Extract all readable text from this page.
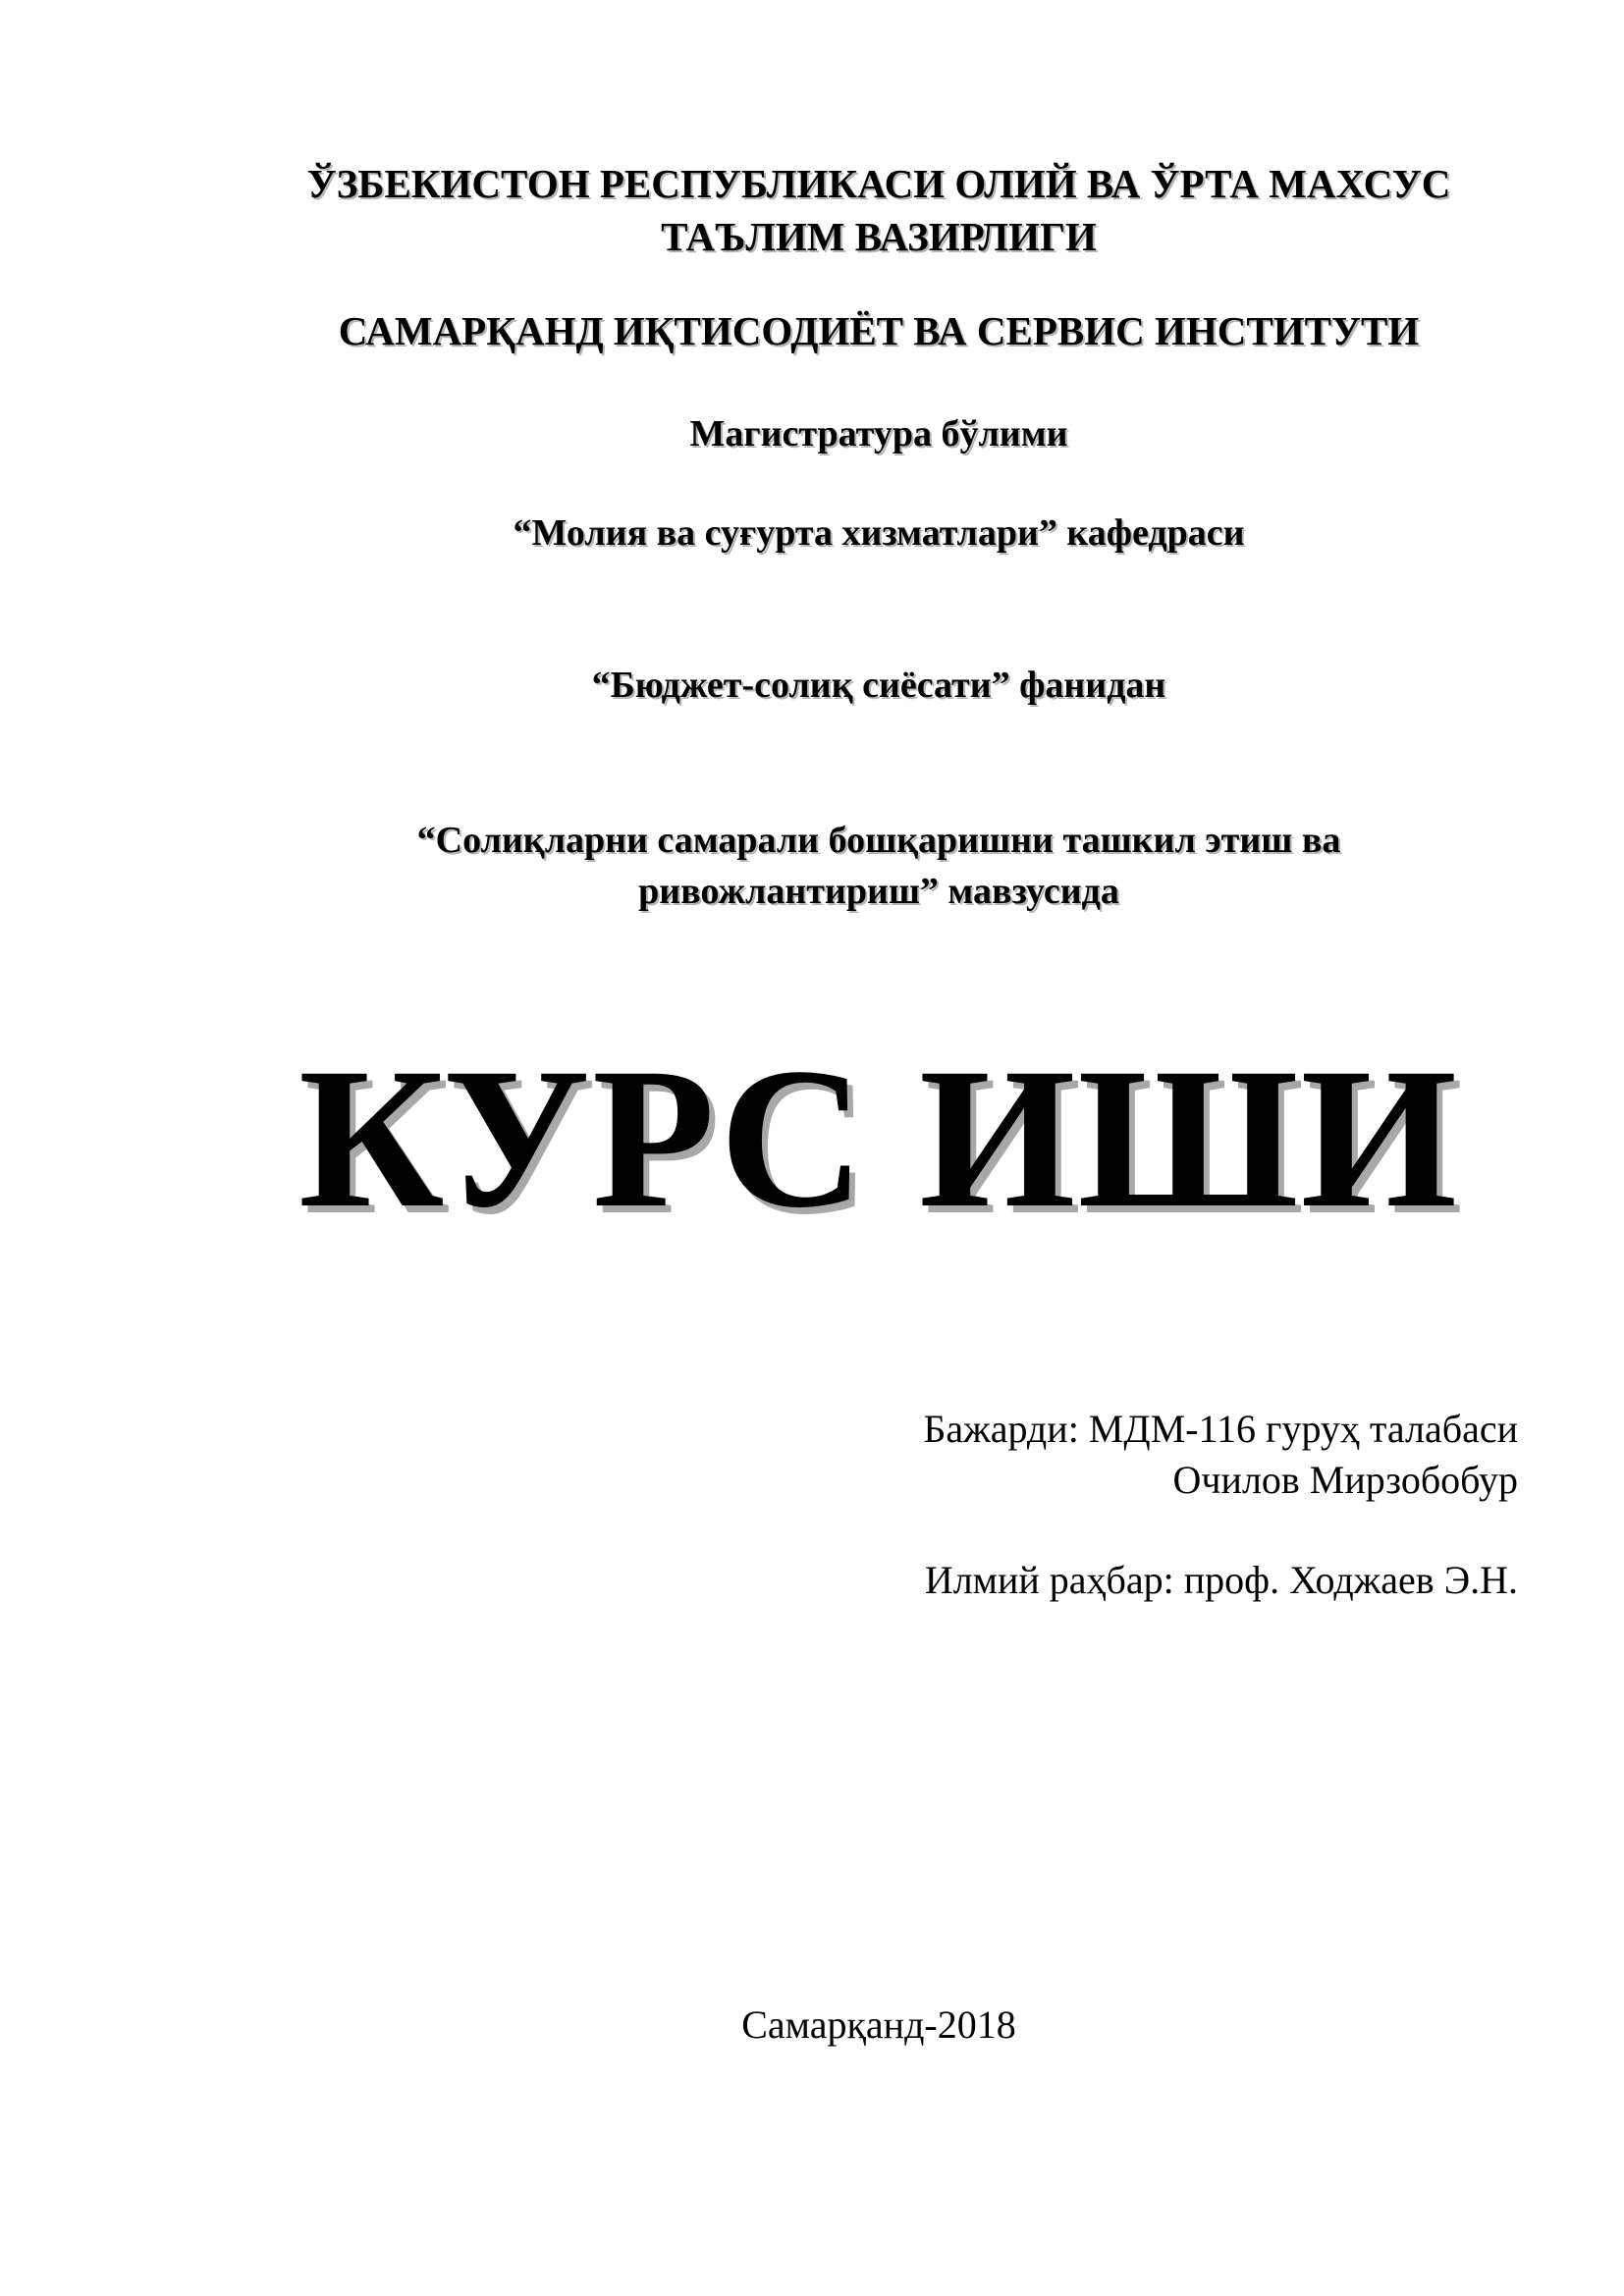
ЎЗБЕКИСТОН РЕСПУБЛИКАСИ ОЛИЙ ВА ЎРТА МАХСУС
ТАЪЛИМ ВАЗИРЛИГИ
САМАРҚАНД ИҚТИСОДИЁТ ВА СЕРВИС ИНСТИТУТИ
Магистратура бўлими
“Молия ва суғурта хизматлари” кафедраси
“Бюджет-солиқ сиёсати” фанидан
“Солиқларни самарали бошқаришни ташкил этиш ва
ривожлантириш” мавзусида
КУРС ИШИ
Бажарди: МДМ-116 гуруҳ талабаси
Очилов Мирзобобур
Илмий раҳбар: проф. Ходжаев Э.Н.
Самарқанд-2018
